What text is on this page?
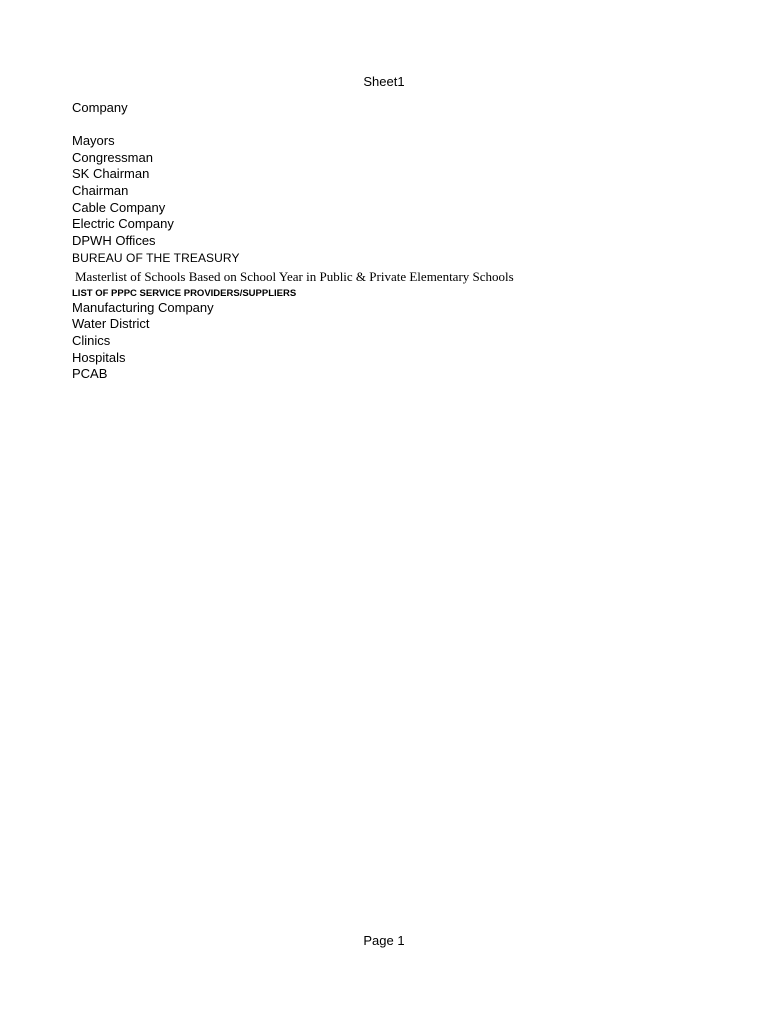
Sheet1
Company
Mayors
Congressman
SK Chairman
Chairman
Cable Company
Electric Company
DPWH Offices
BUREAU OF THE TREASURY
Masterlist of Schools Based on School Year in Public & Private Elementary Schools
LIST OF PPPC SERVICE PROVIDERS/SUPPLIERS
Manufacturing Company
Water District
Clinics
Hospitals
PCAB
Page 1
